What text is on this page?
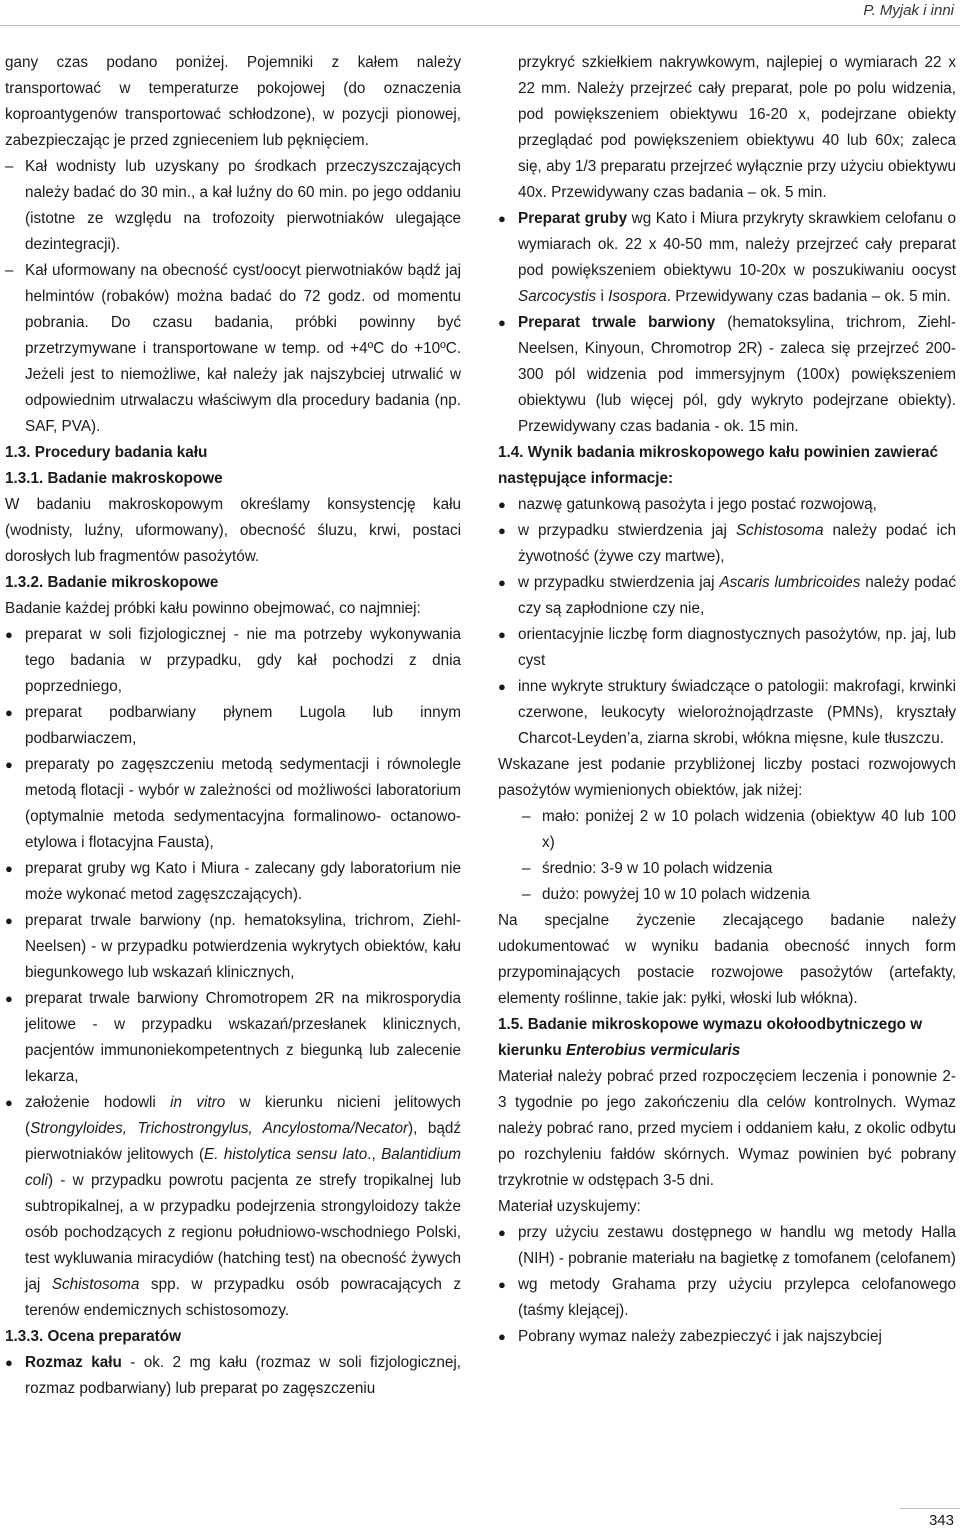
P. Myjak i inni

gany czas podano poniżej. Pojemniki z kałem należy transportować w temperaturze pokojowej (do oznaczenia koproantygenów transportować schłodzone), w pozycji pionowej, zabezpieczając je przed zgnieceniem lub pęknięciem.

– Kał wodnisty lub uzyskany po środkach przeczyszczających należy badać do 30 min., a kał luźny do 60 min. po jego oddaniu (istotne ze względu na trofozoity pierwotniaków ulegające dezintegracji).

– Kał uformowany na obecność cyst/oocyt pierwotniaków bądź jaj helmintów (robaków) można badać do 72 godz. od momentu pobrania. Do czasu badania, próbki powinny być przetrzymywane i transportowane w temp. od +4ºC do +10ºC. Jeżeli jest to niemożliwe, kał należy jak najszybciej utrwalić w odpowiednim utrwalaczu właściwym dla procedury badania (np. SAF, PVA).

1.3. Procedury badania kału

1.3.1. Badanie makroskopowe

W badaniu makroskopowym określamy konsystencję kału (wodnisty, luźny, uformowany), obecność śluzu, krwi, postaci dorosłych lub fragmentów pasożytów.

1.3.2. Badanie mikroskopowe

Badanie każdej próbki kału powinno obejmować, co najmniej:

● preparat w soli fizjologicznej - nie ma potrzeby wykonywania tego badania w przypadku, gdy kał pochodzi z dnia poprzedniego,

● preparat podbarwiany płynem Lugola lub innym podbarwiaczem,

● preparaty po zagęszczeniu metodą sedymentacji i równolegle metodą flotacji - wybór w zależności od możliwości laboratorium (optymalnie metoda sedymentacyjna formalinowo- octanowo-etylowa i flotacyjna Fausta),

● preparat gruby wg Kato i Miura - zalecany gdy laboratorium nie może wykonać metod zagęszczających).

● preparat trwale barwiony (np. hematoksylina, trichrom, Ziehl-Neelsen) - w przypadku potwierdzenia wykrytych obiektów, kału biegunkowego lub wskazań klinicznych,

● preparat trwale barwiony Chromotropem 2R na mikrosporydia jelitowe - w przypadku wskazań/przesłanek klinicznych, pacjentów immunoniekompetentnych z biegunką lub zalecenie lekarza,

● założenie hodowli in vitro w kierunku nicieni jelitowych (Strongyloides, Trichostrongylus, Ancylostoma/Necator), bądź pierwotniaków jelitowych (E. histolytica sensu lato., Balantidium coli) - w przypadku powrotu pacjenta ze strefy tropikalnej lub subtropikalnej, a w przypadku podejrzenia strongyloidozy także osób pochodzących z regionu południowo-wschodniego Polski, test wykluwania miracydiów (hatching test) na obecność żywych jaj Schistosoma spp. w przypadku osób powracających z terenów endemicznych schistosomozy.

1.3.3. Ocena preparatów

● Rozmaz kału - ok. 2 mg kału (rozmaz w soli fizjologicznej, rozmaz podbarwiany) lub preparat po zagęszczeniu

przykryć szkiełkiem nakrywkowym, najlepiej o wymiarach 22 x 22 mm. Należy przejrzeć cały preparat, pole po polu widzenia, pod powiększeniem obiektywu 16-20 x, podejrzane obiekty przeglądać pod powiększeniem obiektywu 40 lub 60x; zaleca się, aby 1/3 preparatu przejrzeć wyłącznie przy użyciu obiektywu 40x. Przewidywany czas badania – ok. 5 min.

● Preparat gruby wg Kato i Miura przykryty skrawkiem celofanu o wymiarach ok. 22 x 40-50 mm, należy przejrzeć cały preparat pod powiększeniem obiektywu 10-20x w poszukiwaniu oocyst Sarcocystis i Isospora. Przewidywany czas badania – ok. 5 min.

● Preparat trwale barwiony (hematoksylina, trichrom, Ziehl-Neelsen, Kinyoun, Chromotrop 2R) - zaleca się przejrzeć 200-300 pól widzenia pod immersyjnym (100x) powiększeniem obiektywu (lub więcej pól, gdy wykryto podejrzane obiekty). Przewidywany czas badania - ok. 15 min.

1.4. Wynik badania mikroskopowego kału powinien zawierać następujące informacje:

● nazwę gatunkową pasożyta i jego postać rozwojową,

● w przypadku stwierdzenia jaj Schistosoma należy podać ich żywotność (żywe czy martwe),

● w przypadku stwierdzenia jaj Ascaris lumbricoides należy podać czy są zapłodnione czy nie,

● orientacyjnie liczbę form diagnostycznych pasożytów, np. jaj, lub cyst

● inne wykryte struktury świadczące o patologii: makrofagi, krwinki czerwone, leukocyty wielorożnojądrzaste (PMNs), kryształy Charcot-Leyden’a, ziarna skrobi, włókna mięsne, kule tłuszczu.

Wskazane jest podanie przybliżonej liczby postaci rozwojowych pasożytów wymienionych obiektów, jak niżej:

– mało: poniżej 2 w 10 polach widzenia (obiektyw 40 lub 100 x)

– średnio: 3-9 w 10 polach widzenia

– dużo: powyżej 10 w 10 polach widzenia

Na specjalne życzenie zlecającego badanie należy udokumentować w wyniku badania obecność innych form przypominających postacie rozwojowe pasożytów (artefakty, elementy roślinne, takie jak: pyłki, włoski lub włókna).

1.5. Badanie mikroskopowe wymazu okołoodbytniczego w kierunku Enterobius vermicularis

Materiał należy pobrać przed rozpoczęciem leczenia i ponownie 2-3 tygodnie po jego zakończeniu dla celów kontrolnych. Wymaz należy pobrać rano, przed myciem i oddaniem kału, z okolic odbytu po rozchyleniu fałdów skórnych. Wymaz powinien być pobrany trzykrotnie w odstępach 3-5 dni.

Materiał uzyskujemy:

● przy użyciu zestawu dostępnego w handlu wg metody Halla (NIH) - pobranie materiału na bagietkę z tomofanem (celofanem)

● wg metody Grahama przy użyciu przylepca celofanowego (taśmy klejącej).

● Pobrany wymaz należy zabezpieczyć i jak najszybciej

343
